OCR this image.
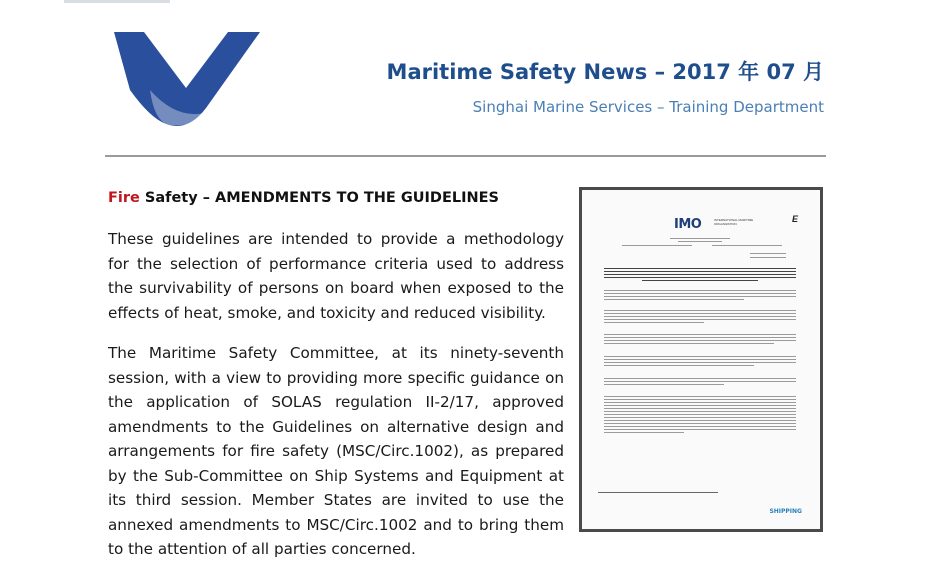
Maritime Safety News – 2017 年 07 月
Singhai Marine Services – Training Department
Fire Safety – AMENDMENTS TO THE GUIDELINES

These guidelines are intended to provide a methodology for the selection of performance criteria used to address the survivability of persons on board when exposed to the effects of heat, smoke, and toxicity and reduced visibility.

The Maritime Safety Committee, at its ninety-seventh session, with a view to providing more specific guidance on the application of SOLAS regulation II-2/17, approved amendments to the Guidelines on alternative design and arrangements for fire safety (MSC/Circ.1002), as prepared by the Sub-Committee on Ship Systems and Equipment at its third session. Member States are invited to use the annexed amendments to MSC/Circ.1002 and to bring them to the attention of all parties concerned.

IMO	INTERNATIONAL MARITIME ORGANIZATION	E
SHIPPING
